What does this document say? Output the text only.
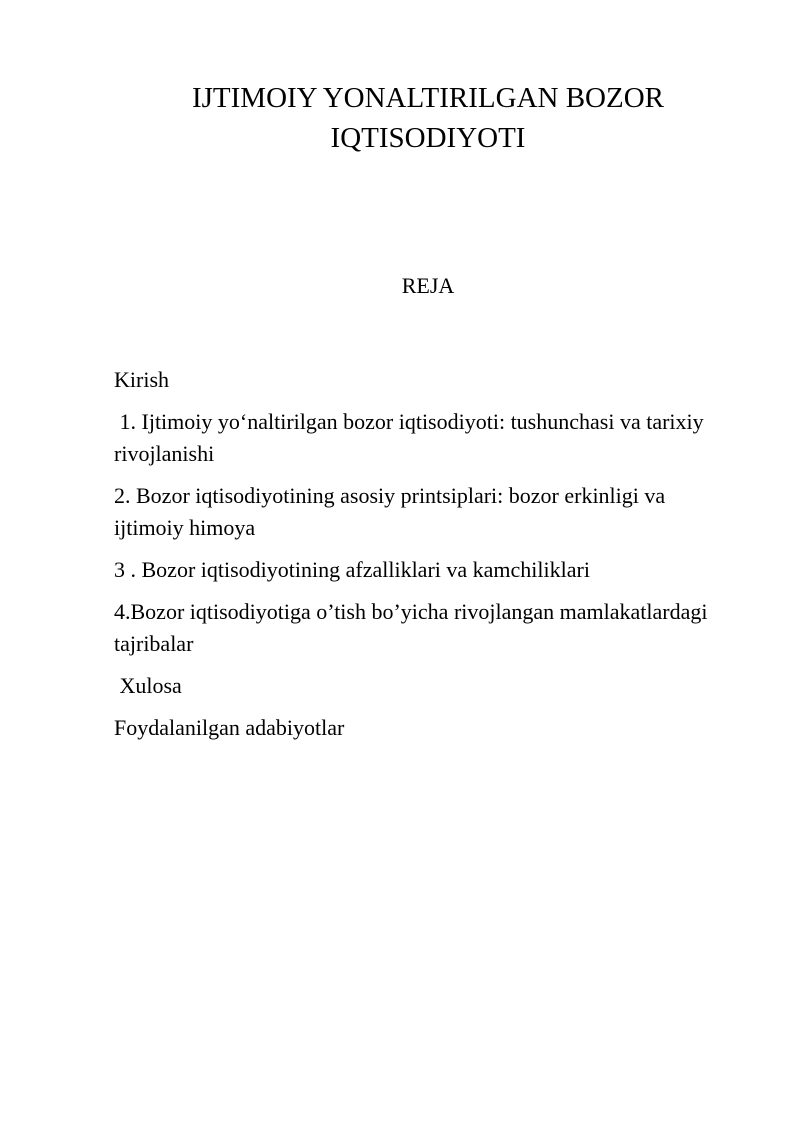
IJTIMOIY YONALTIRILGAN BOZOR
IQTISODIYOTI
REJA
Kirish
1. Ijtimoiy yo‘naltirilgan bozor iqtisodiyoti: tushunchasi va tarixiy rivojlanishi
2. Bozor iqtisodiyotining asosiy printsiplari: bozor erkinligi va ijtimoiy himoya
3 . Bozor iqtisodiyotining afzalliklari va kamchiliklari
4.Bozor iqtisodiyotiga o’tish bo’yicha rivojlangan mamlakatlardagi tajribalar
Xulosa
Foydalanilgan adabiyotlar
